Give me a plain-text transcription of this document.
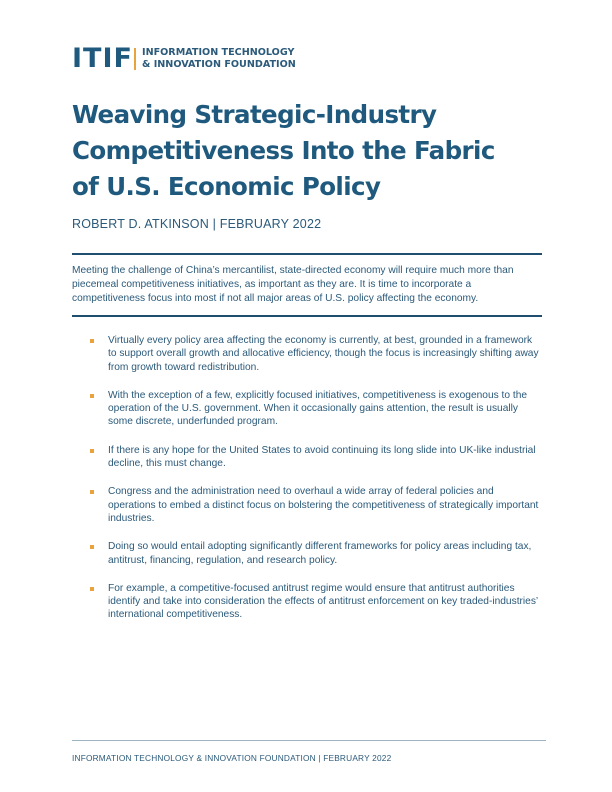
ITIF INFORMATION TECHNOLOGY
& INNOVATION FOUNDATION
Weaving Strategic-Industry
Competitiveness Into the Fabric
of U.S. Economic Policy
ROBERT D. ATKINSON | FEBRUARY 2022

Meeting the challenge of China’s mercantilist, state-directed economy will require much more than piecemeal competitiveness initiatives, as important as they are. It is time to incorporate a competitiveness focus into most if not all major areas of U.S. policy affecting the economy.

Virtually every policy area affecting the economy is currently, at best, grounded in a framework to support overall growth and allocative efficiency, though the focus is increasingly shifting away from growth toward redistribution.
With the exception of a few, explicitly focused initiatives, competitiveness is exogenous to the operation of the U.S. government. When it occasionally gains attention, the result is usually some discrete, underfunded program.
If there is any hope for the United States to avoid continuing its long slide into UK-like industrial decline, this must change.
Congress and the administration need to overhaul a wide array of federal policies and operations to embed a distinct focus on bolstering the competitiveness of strategically important industries.
Doing so would entail adopting significantly different frameworks for policy areas including tax, antitrust, financing, regulation, and research policy.
For example, a competitive-focused antitrust regime would ensure that antitrust authorities identify and take into consideration the effects of antitrust enforcement on key traded-industries’ international competitiveness.
INFORMATION TECHNOLOGY & INNOVATION FOUNDATION | FEBRUARY 2022
